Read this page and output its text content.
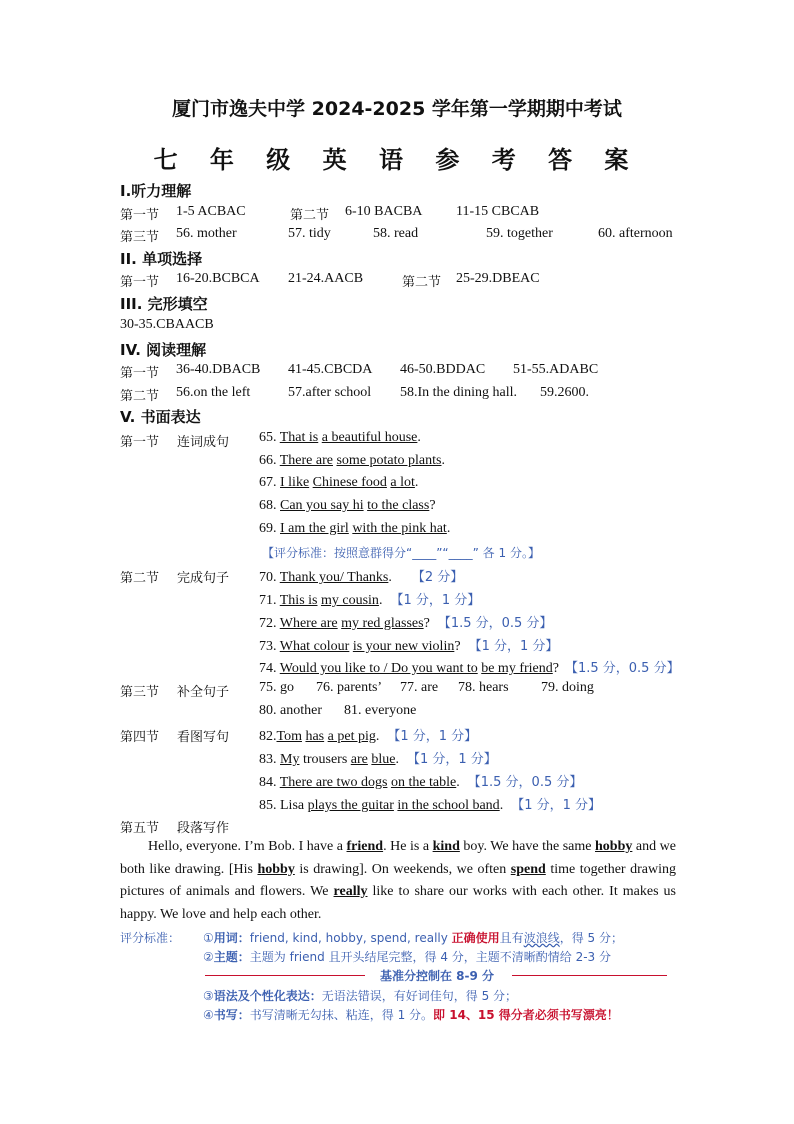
厦门市逸夫中学 2024-2025 学年第一学期期中考试
七 年 级 英 语 参 考 答 案
I.听力理解
第一节 1-5 ACBAC	第二节 6-10 BACBA 11-15 CBCAB
第三节 56. mother	57. tidy	58. read	59. together	60. afternoon
II. 单项选择
第一节 16-20.BCBCA 21-24.AACB	第二节 25-29.DBEAC
III. 完形填空
30-35.CBAACB
IV. 阅读理解
第一节 36-40.DBACB 41-45.CBCDA 46-50.BDDAC 51-55.ADABC
第二节 56.on the left	57.after school 58.In the dining hall. 59.2600.
V. 书面表达
第一节 连词成句 65. That is a beautiful house.
66. There are some potato plants.
67. I like Chinese food a lot.
68. Can you say hi to the class?
69. I am the girl with the pink hat.
【评分标准：按照意群得分“____”“____” 各 1 分。】
第二节 完成句子 70. Thank you/ Thanks. 【2 分】
71. This is my cousin. 【1 分，1 分】
72. Where are my red glasses? 【1.5 分，0.5 分】
73. What colour is your new violin? 【1 分，1 分】
74. Would you like to / Do you want to be my friend? 【1.5 分，0.5 分】
第三节 补全句子 75. go 76. parents’ 77. are 78. hears 79. doing
80. another 81. everyone
第四节 看图写句 82.Tom has a pet pig. 【1 分，1 分】
83. My trousers are blue. 【1 分，1 分】
84. There are two dogs on the table. 【1.5 分，0.5 分】
85. Lisa plays the guitar in the school band. 【1 分，1 分】
第五节 段落写作
Hello, everyone. I’m Bob. I have a friend. He is a kind boy. We have the same hobby and we both like drawing. [His hobby is drawing]. On weekends, we often spend time together drawing pictures of animals and flowers. We really like to share our works with each other. It makes us happy. We love and help each other.
评分标准： ①用词：friend, kind, hobby, spend, really 正确使用且有波浪线，得 5 分；
②主题：主题为 friend 且开头结尾完整，得 4 分，主题不清晰酌情给 2-3 分
基准分控制在 8-9 分
③语法及个性化表达：无语法错误，有好词佳句，得 5 分；
④书写：书写清晰无勾抹、粘连，得 1 分。即 14、15 得分者必须书写漂亮！
